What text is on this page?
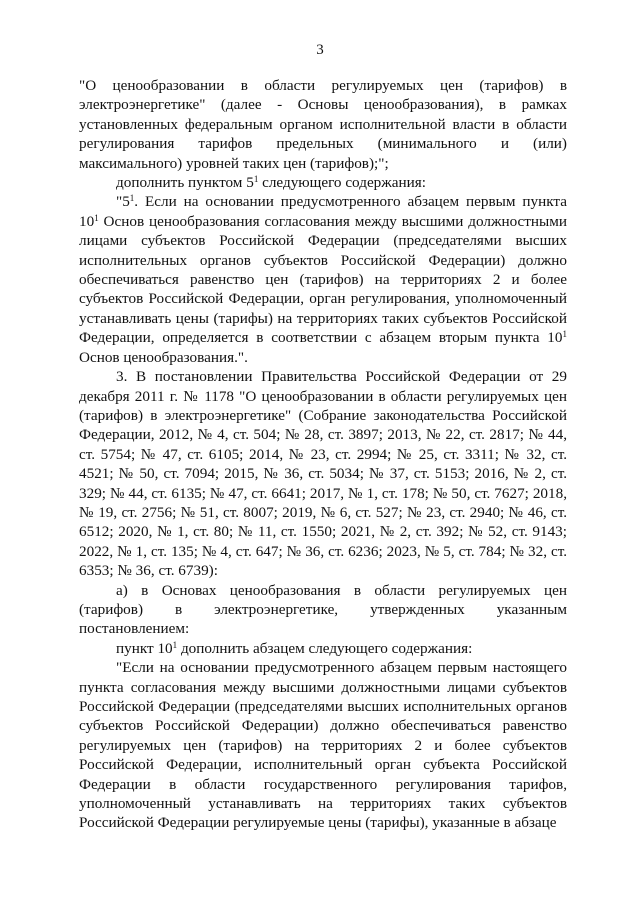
3

"О ценообразовании в области регулируемых цен (тарифов) в электроэнергетике" (далее - Основы ценообразования), в рамках установленных федеральным органом исполнительной власти в области регулирования тарифов предельных (минимального и (или) максимального) уровней таких цен (тарифов);";

дополнить пунктом $5^1$ следующего содержания:

"$5^1$. Если на основании предусмотренного абзацем первым пункта $10^1$ Основ ценообразования согласования между высшими должностными лицами субъектов Российской Федерации (председателями высших исполнительных органов субъектов Российской Федерации) должно обеспечиваться равенство цен (тарифов) на территориях 2 и более субъектов Российской Федерации, орган регулирования, уполномоченный устанавливать цены (тарифы) на территориях таких субъектов Российской Федерации, определяется в соответствии с абзацем вторым пункта $10^1$ Основ ценообразования.".

3. В постановлении Правительства Российской Федерации от 29 декабря 2011 г. № 1178 "О ценообразовании в области регулируемых цен (тарифов) в электроэнергетике" (Собрание законодательства Российской Федерации, 2012, № 4, ст. 504; № 28, ст. 3897; 2013, № 22, ст. 2817; № 44, ст. 5754; № 47, ст. 6105; 2014, № 23, ст. 2994; № 25, ст. 3311; № 32, ст. 4521; № 50, ст. 7094; 2015, № 36, ст. 5034; № 37, ст. 5153; 2016, № 2, ст. 329; № 44, ст. 6135; № 47, ст. 6641; 2017, № 1, ст. 178; № 50, ст. 7627; 2018, № 19, ст. 2756; № 51, ст. 8007; 2019, № 6, ст. 527; № 23, ст. 2940; № 46, ст. 6512; 2020, № 1, ст. 80; № 11, ст. 1550; 2021, № 2, ст. 392; № 52, ст. 9143; 2022, № 1, ст. 135; № 4, ст. 647; № 36, ст. 6236; 2023, № 5, ст. 784; № 32, ст. 6353; № 36, ст. 6739):

а) в Основах ценообразования в области регулируемых цен (тарифов) в электроэнергетике, утвержденных указанным постановлением:

пункт $10^1$ дополнить абзацем следующего содержания:

"Если на основании предусмотренного абзацем первым настоящего пункта согласования между высшими должностными лицами субъектов Российской Федерации (председателями высших исполнительных органов субъектов Российской Федерации) должно обеспечиваться равенство регулируемых цен (тарифов) на территориях 2 и более субъектов Российской Федерации, исполнительный орган субъекта Российской Федерации в области государственного регулирования тарифов, уполномоченный устанавливать на территориях таких субъектов Российской Федерации регулируемые цены (тарифы), указанные в абзаце
